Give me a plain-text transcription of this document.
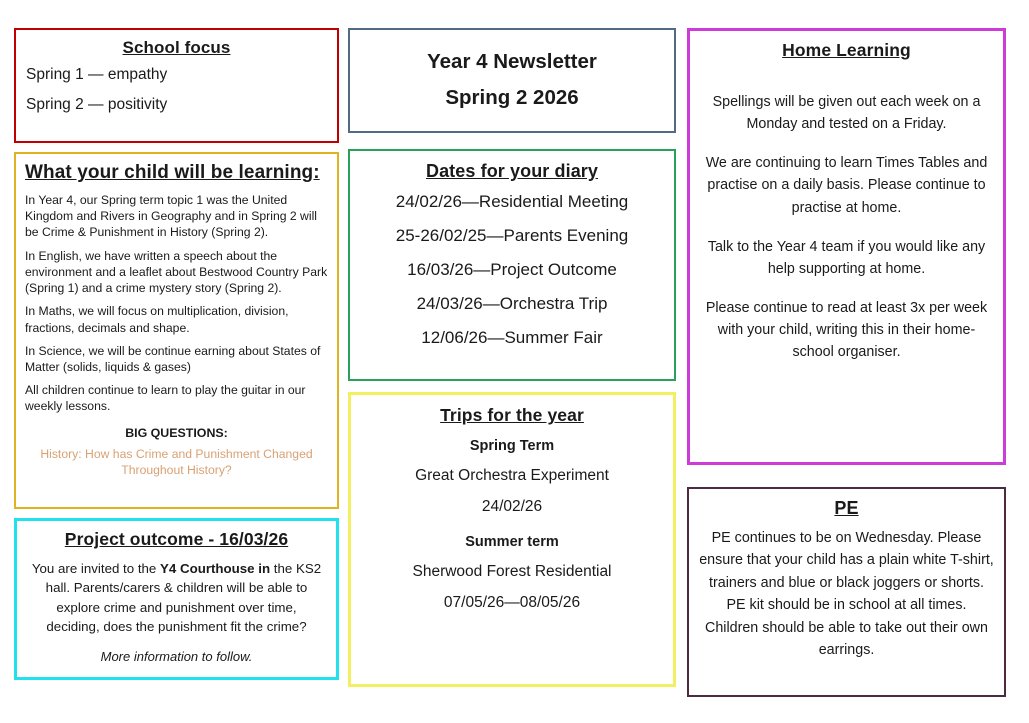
School focus
Spring 1 — empathy
Spring 2 — positivity
What your child will be learning:

In Year 4, our Spring term topic 1 was the United Kingdom and Rivers in Geography and in Spring 2 will be Crime & Punishment in History (Spring 2).

In English, we have written a speech about the environment and a leaflet about Bestwood Country Park (Spring 1) and a crime mystery story (Spring 2).

In Maths, we will focus on multiplication, division, fractions, decimals and shape.

In Science, we will be continue earning about States of Matter (solids, liquids & gases)

All children continue to learn to play the guitar in our weekly lessons.

BIG QUESTIONS:
History: How has Crime and Punishment Changed Throughout History?
Project outcome - 16/03/26

You are invited to the Y4 Courthouse in the KS2 hall. Parents/carers & children will be able to explore crime and punishment over time, deciding, does the punishment fit the crime?

More information to follow.

Year 4 Newsletter
Spring 2 2026
Dates for your diary
24/02/26—Residential Meeting
25-26/02/25—Parents Evening
16/03/26—Project Outcome
24/03/26—Orchestra Trip
12/06/26—Summer Fair
Trips for the year
Spring Term
Great Orchestra Experiment
24/02/26
Summer term
Sherwood Forest Residential
07/05/26—08/05/26
Home Learning

Spellings will be given out each week on a Monday and tested on a Friday.

We are continuing to learn Times Tables and practise on a daily basis. Please continue to practise at home.

Talk to the Year 4 team if you would like any help supporting at home.

Please continue to read at least 3x per week with your child, writing this in their home-school organiser.

PE

PE continues to be on Wednesday. Please ensure that your child has a plain white T-shirt, trainers and blue or black joggers or shorts. PE kit should be in school at all times. Children should be able to take out their own earrings.
